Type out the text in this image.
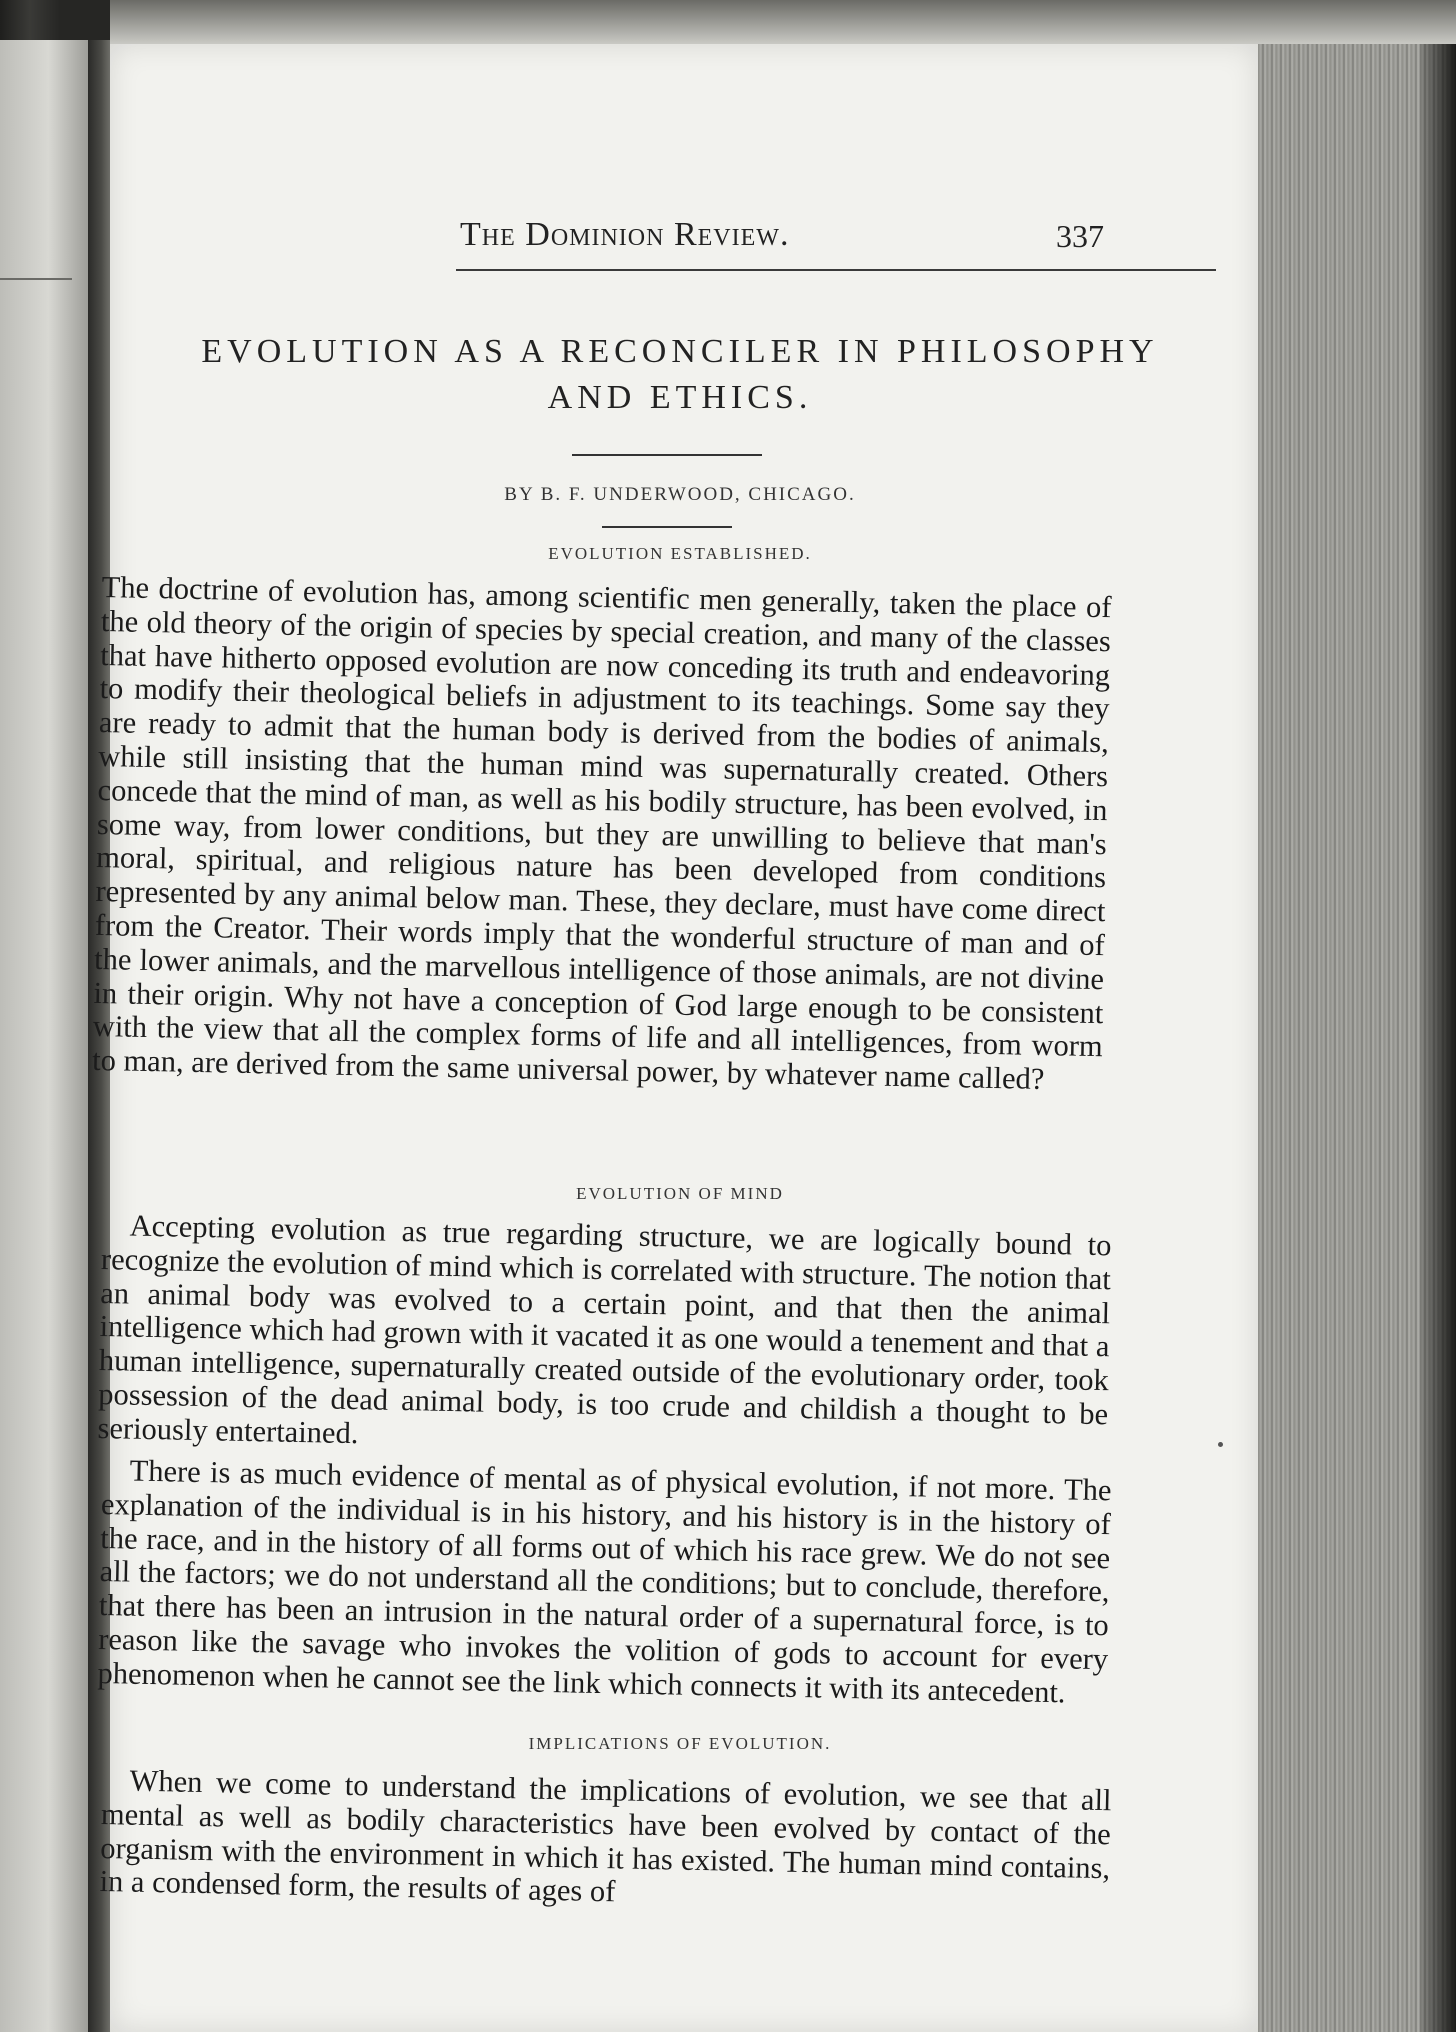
The Dominion Review.	337
EVOLUTION AS A RECONCILER IN PHILOSOPHY
AND ETHICS.
BY B. F. UNDERWOOD, CHICAGO.
EVOLUTION ESTABLISHED.

The doctrine of evolution has, among scientific men generally, taken the place of the old theory of the origin of species by special creation, and many of the classes that have hitherto opposed evolution are now conceding its truth and endeavoring to modify their theological beliefs in adjustment to its teachings. Some say they are ready to admit that the human body is derived from the bodies of animals, while still insisting that the human mind was supernaturally created. Others concede that the mind of man, as well as his bodily structure, has been evolved, in some way, from lower conditions, but they are unwilling to believe that man's moral, spiritual, and religious nature has been developed from conditions represented by any animal below man. These, they declare, must have come direct from the Creator. Their words imply that the wonderful structure of man and of the lower animals, and the marvellous intelligence of those animals, are not divine in their origin. Why not have a conception of God large enough to be consistent with the view that all the complex forms of life and all intelligences, from worm to man, are derived from the same universal power, by whatever name called?

EVOLUTION OF MIND

Accepting evolution as true regarding structure, we are logically bound to recognize the evolution of mind which is correlated with structure. The notion that an animal body was evolved to a certain point, and that then the animal intelligence which had grown with it vacated it as one would a tenement and that a human intelligence, supernaturally created outside of the evolutionary order, took possession of the dead animal body, is too crude and childish a thought to be seriously entertained.

There is as much evidence of mental as of physical evolution, if not more. The explanation of the individual is in his history, and his history is in the history of the race, and in the history of all forms out of which his race grew. We do not see all the factors; we do not understand all the conditions; but to conclude, therefore, that there has been an intrusion in the natural order of a supernatural force, is to reason like the savage who invokes the volition of gods to account for every phenomenon when he cannot see the link which connects it with its antecedent.

IMPLICATIONS OF EVOLUTION.

When we come to understand the implications of evolution, we see that all mental as well as bodily characteristics have been evolved by contact of the organism with the environment in which it has existed. The human mind contains, in a condensed form, the results of ages of
